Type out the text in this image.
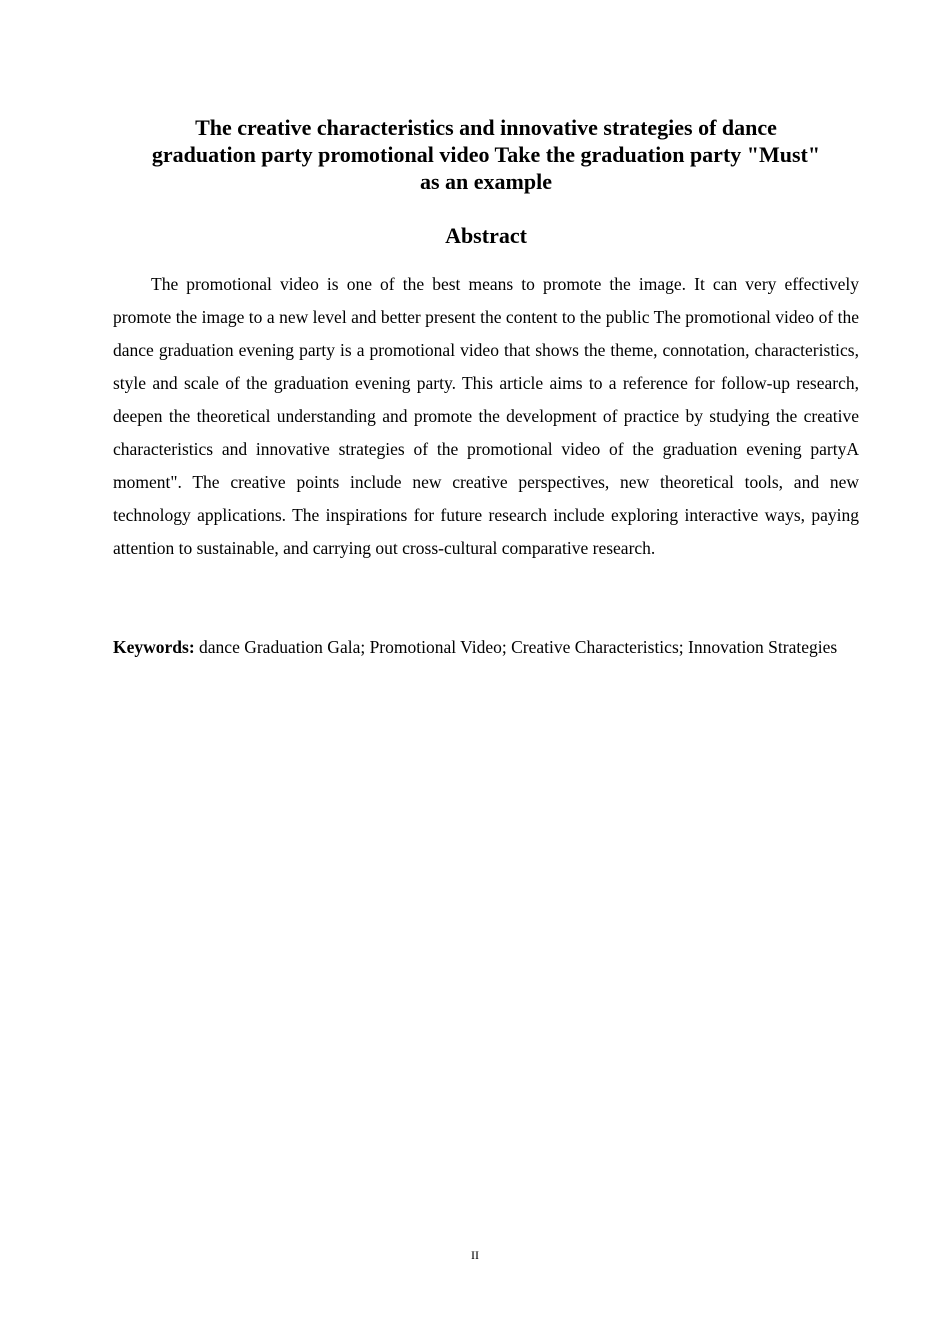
The creative characteristics and innovative strategies of dance
graduation party promotional video Take the graduation party "Must"
as an example
Abstract

The promotional video is one of the best means to promote the image. It can very effectively promote the image to a new level and better present the content to the public The promotional video of the dance graduation evening party is a promotional video that shows the theme, connotation, characteristics, style and scale of the graduation evening party. This article aims to a reference for follow-up research, deepen the theoretical understanding and promote the development of practice by studying the creative characteristics and innovative strategies of the promotional video of the graduation evening partyA moment". The creative points include new creative perspectives, new theoretical tools, and new technology applications. The inspirations for future research include exploring interactive ways, paying attention to sustainable, and carrying out cross-cultural comparative research.

Keywords: dance Graduation Gala; Promotional Video; Creative Characteristics; Innovation Strategies

II
